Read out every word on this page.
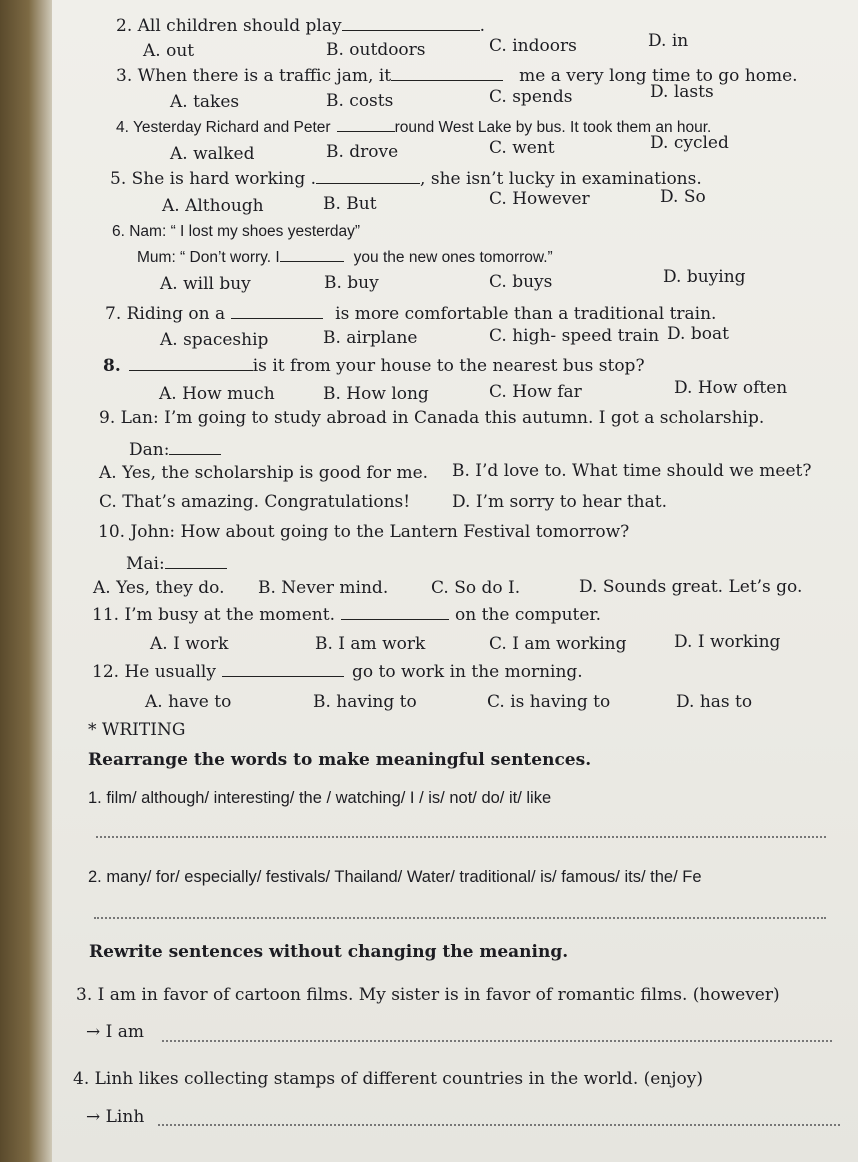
2. All children should play	.
A. out	B. outdoors	C. indoors	D. in
3. When there is a traffic jam, it	me a very long time to go home.
A. takes	B. costs	C. spends	D. lasts
4. Yesterday Richard and Peter	round West Lake by bus. It took them an hour.
A. walked	B. drove	C. went	D. cycled
5. She is hard working .	, she isn’t lucky in examinations.
A. Although	B. But	C. However	D. So
6. Nam: “ I lost my shoes yesterday”
Mum: “ Don’t worry. I	you the new ones tomorrow.”
A. will buy	B. buy	C. buys	D. buying
7. Riding on a	is more comfortable than a traditional train.
A. spaceship	B. airplane	C. high- speed train D. boat
8.	is it from your house to the nearest bus stop?
A. How much	B. How long	C. How far	D. How often
9. Lan: I’m going to study abroad in Canada this autumn. I got a scholarship.
Dan:
A. Yes, the scholarship is good for me. B. I’d love to. What time should we meet?
C. That’s amazing. Congratulations! D. I’m sorry to hear that.
10. John: How about going to the Lantern Festival tomorrow?
Mai:
A. Yes, they do. B. Never mind.	C. So do I.	D. Sounds great. Let’s go.
11. I’m busy at the moment.	on the computer.
A. I work	B. I am work	C. I am working	D. I working
12. He usually	go to work in the morning.
A. have to	B. having to	C. is having to	D. has to
* WRITING
Rearrange the words to make meaningful sentences.
1. film/ although/ interesting/ the / watching/ I / is/ not/ do/ it/ like
2. many/ for/ especially/ festivals/ Thailand/ Water/ traditional/ is/ famous/ its/ the/ Fe
Rewrite sentences without changing the meaning.
3. I am in favor of cartoon films. My sister is in favor of romantic films. (however)
→ I am
4. Linh likes collecting stamps of different countries in the world. (enjoy)
→ Linh
